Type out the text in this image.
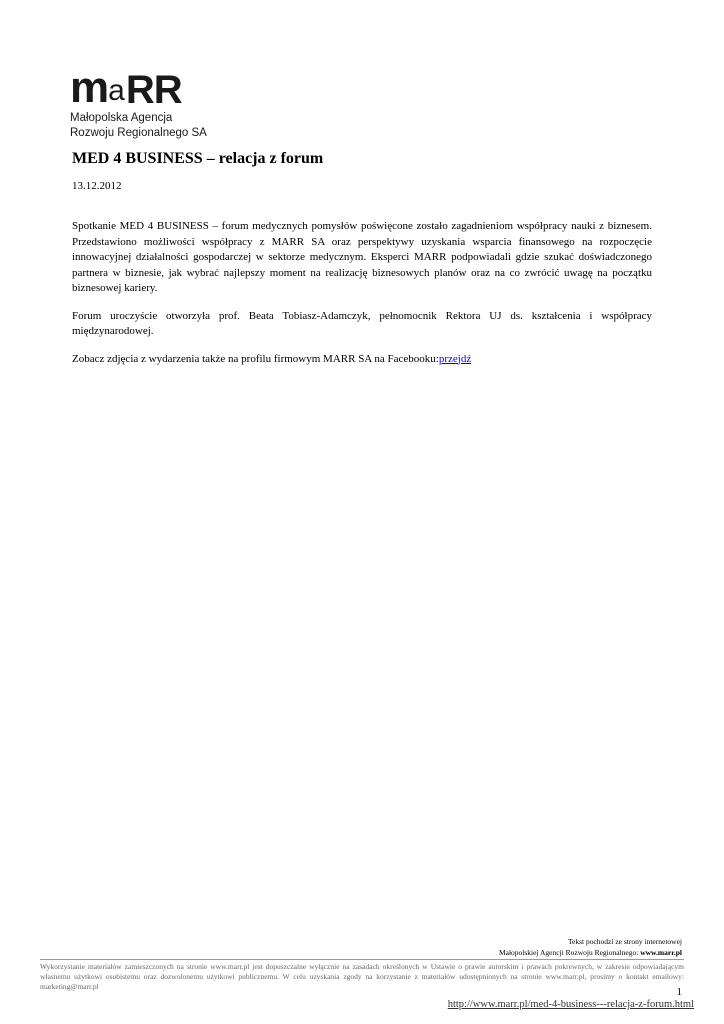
m a RR
Małopolska Agencja
Rozwoju Regionalnego SA
MED 4 BUSINESS – relacja z forum
13.12.2012

Spotkanie MED 4 BUSINESS – forum medycznych pomysłów poświęcone zostało zagadnieniom współpracy nauki z biznesem. Przedstawiono możliwości współpracy z MARR SA oraz perspektywy uzyskania wsparcia finansowego na rozpoczęcie innowacyjnej działalności gospodarczej w sektorze medycznym. Eksperci MARR podpowiadali gdzie szukać doświadczonego partnera w biznesie, jak wybrać najlepszy moment na realizację biznesowych planów oraz na co zwrócić uwagę na początku biznesowej kariery.

Forum uroczyście otworzyła prof. Beata Tobiasz-Adamczyk, pełnomocnik Rektora UJ ds. kształcenia i współpracy międzynarodowej.

Zobacz zdjęcia z wydarzenia także na profilu firmowym MARR SA na Facebooku:przejdź

Tekst pochodzi ze strony internetowej
Małopolskiej Agencji Rozwoju Regionalnego: www.marr.pl
Wykorzystanie materiałów zamieszczonych na stronie www.marr.pl jest dopuszczalne wyłącznie na zasadach określonych w Ustawie o prawie autorskim i prawach pokrewnych, w zakresie odpowiadającym własnemu użytkowi osobistemu oraz dozwolonemu użytkowi publicznemu. W celu uzyskania zgody na korzystanie z materiałów udostępnionych na stronie www.marr.pl, prosimy o kontakt emailowy: marketing@marr.pl	1
http://www.marr.pl/med-4-business---relacja-z-forum.html
